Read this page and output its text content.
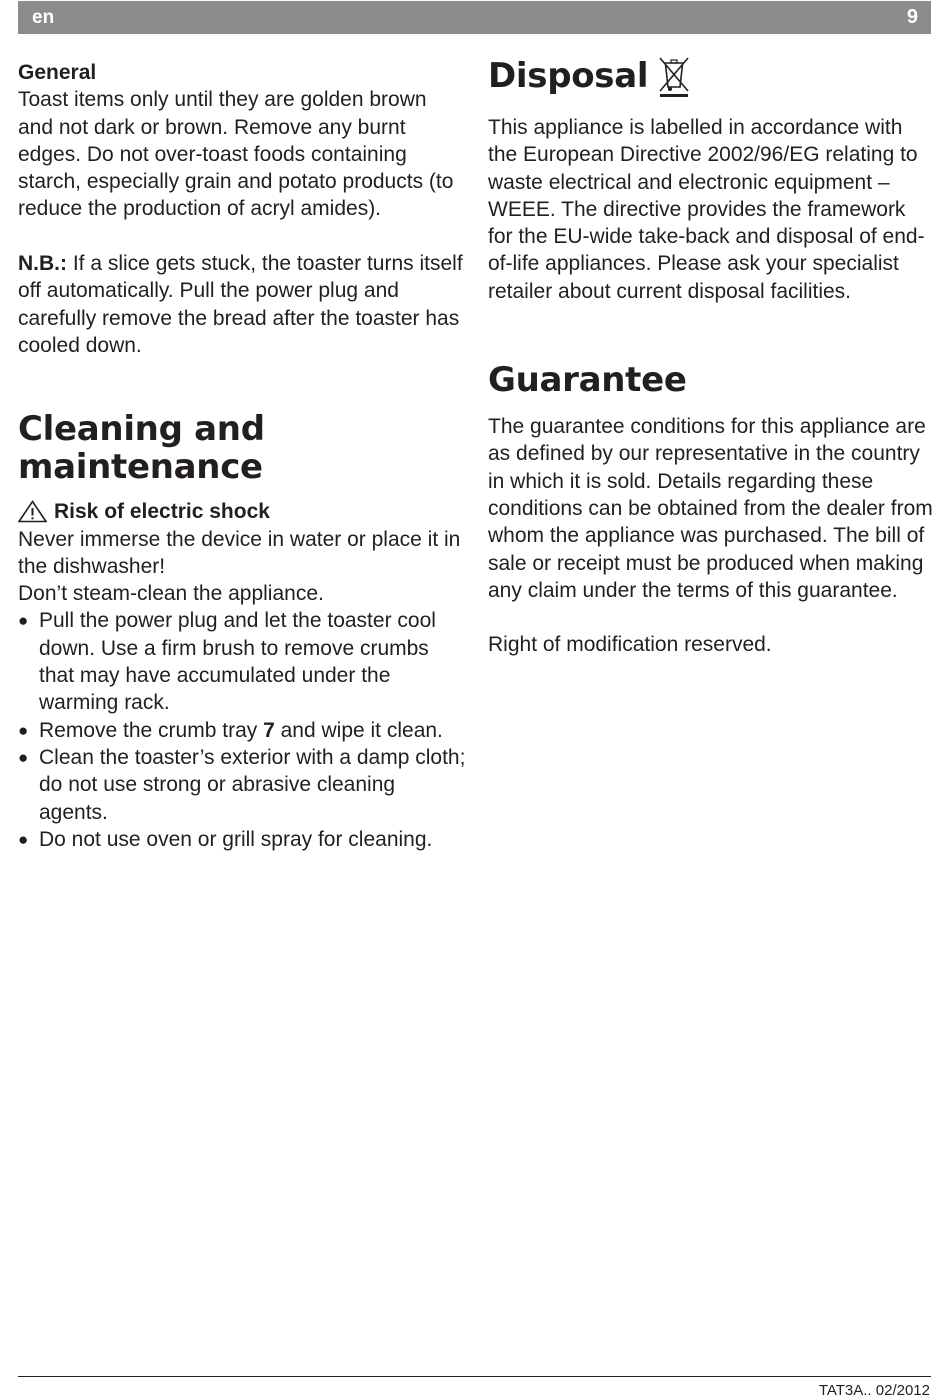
en	9

General

Toast items only until they are golden brown and not dark or brown. Remove any burnt edges. Do not over-toast foods containing starch, especially grain and potato products (to reduce the production of acryl amides).

N.B.: If a slice gets stuck, the toaster turns itself off automatically. Pull the power plug and carefully remove the bread after the toaster has cooled down.

Cleaning and maintenance
Risk of electric shock

Never immerse the device in water or place it in the dishwasher!

Don’t steam-clean the appliance.

● Pull the power plug and let the toaster cool down. Use a firm brush to remove crumbs that may have accumulated under the warming rack.
● Remove the crumb tray 7 and wipe it clean.
● Clean the toaster’s exterior with a damp cloth; do not use strong or abrasive cleaning agents.
● Do not use oven or grill spray for cleaning.
Disposal

This appliance is labelled in accordance with the European Directive 2002/96/EG relating to waste electrical and electronic equipment – WEEE. The directive provides the framework for the EU-wide take-back and disposal of end-of-life appliances. Please ask your specialist retailer about current disposal facilities.

Guarantee

The guarantee conditions for this appliance are as defined by our representative in the country in which it is sold. Details regarding these conditions can be obtained from the dealer from whom the appliance was purchased. The bill of sale or receipt must be produced when making any claim under the terms of this guarantee.

Right of modification reserved.

TAT3A.. 02/2012
